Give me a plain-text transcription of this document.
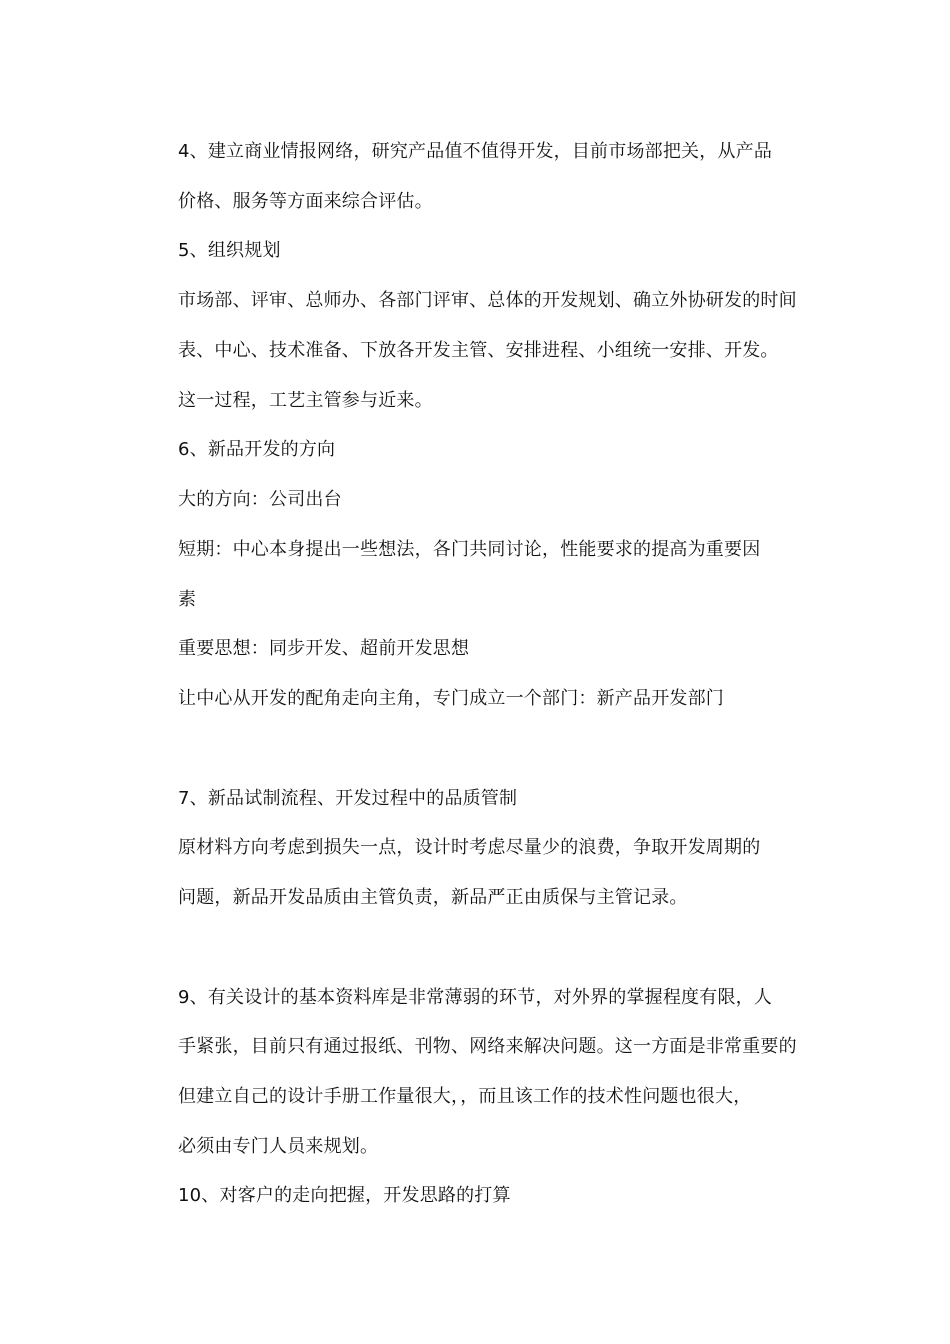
4、建立商业情报网络，研究产品值不值得开发，目前市场部把关，从产品
价格、服务等方面来综合评估。
5、组织规划
市场部、评审、总师办、各部门评审、总体的开发规划、确立外协研发的时间
表、中心、技术准备、下放各开发主管、安排进程、小组统一安排、开发。
这一过程，工艺主管参与近来。
6、新品开发的方向
大的方向：公司出台
短期：中心本身提出一些想法，各门共同讨论，性能要求的提高为重要因
素
重要思想：同步开发、超前开发思想
让中心从开发的配角走向主角，专门成立一个部门：新产品开发部门
7、新品试制流程、开发过程中的品质管制
原材料方向考虑到损失一点，设计时考虑尽量少的浪费，争取开发周期的
问题，新品开发品质由主管负责，新品严正由质保与主管记录。
9、有关设计的基本资料库是非常薄弱的环节，对外界的掌握程度有限，人
手紧张，目前只有通过报纸、刊物、网络来解决问题。这一方面是非常重要的
但建立自己的设计手册工作量很大，，而且该工作的技术性问题也很大，
必须由专门人员来规划。
10、对客户的走向把握，开发思路的打算
